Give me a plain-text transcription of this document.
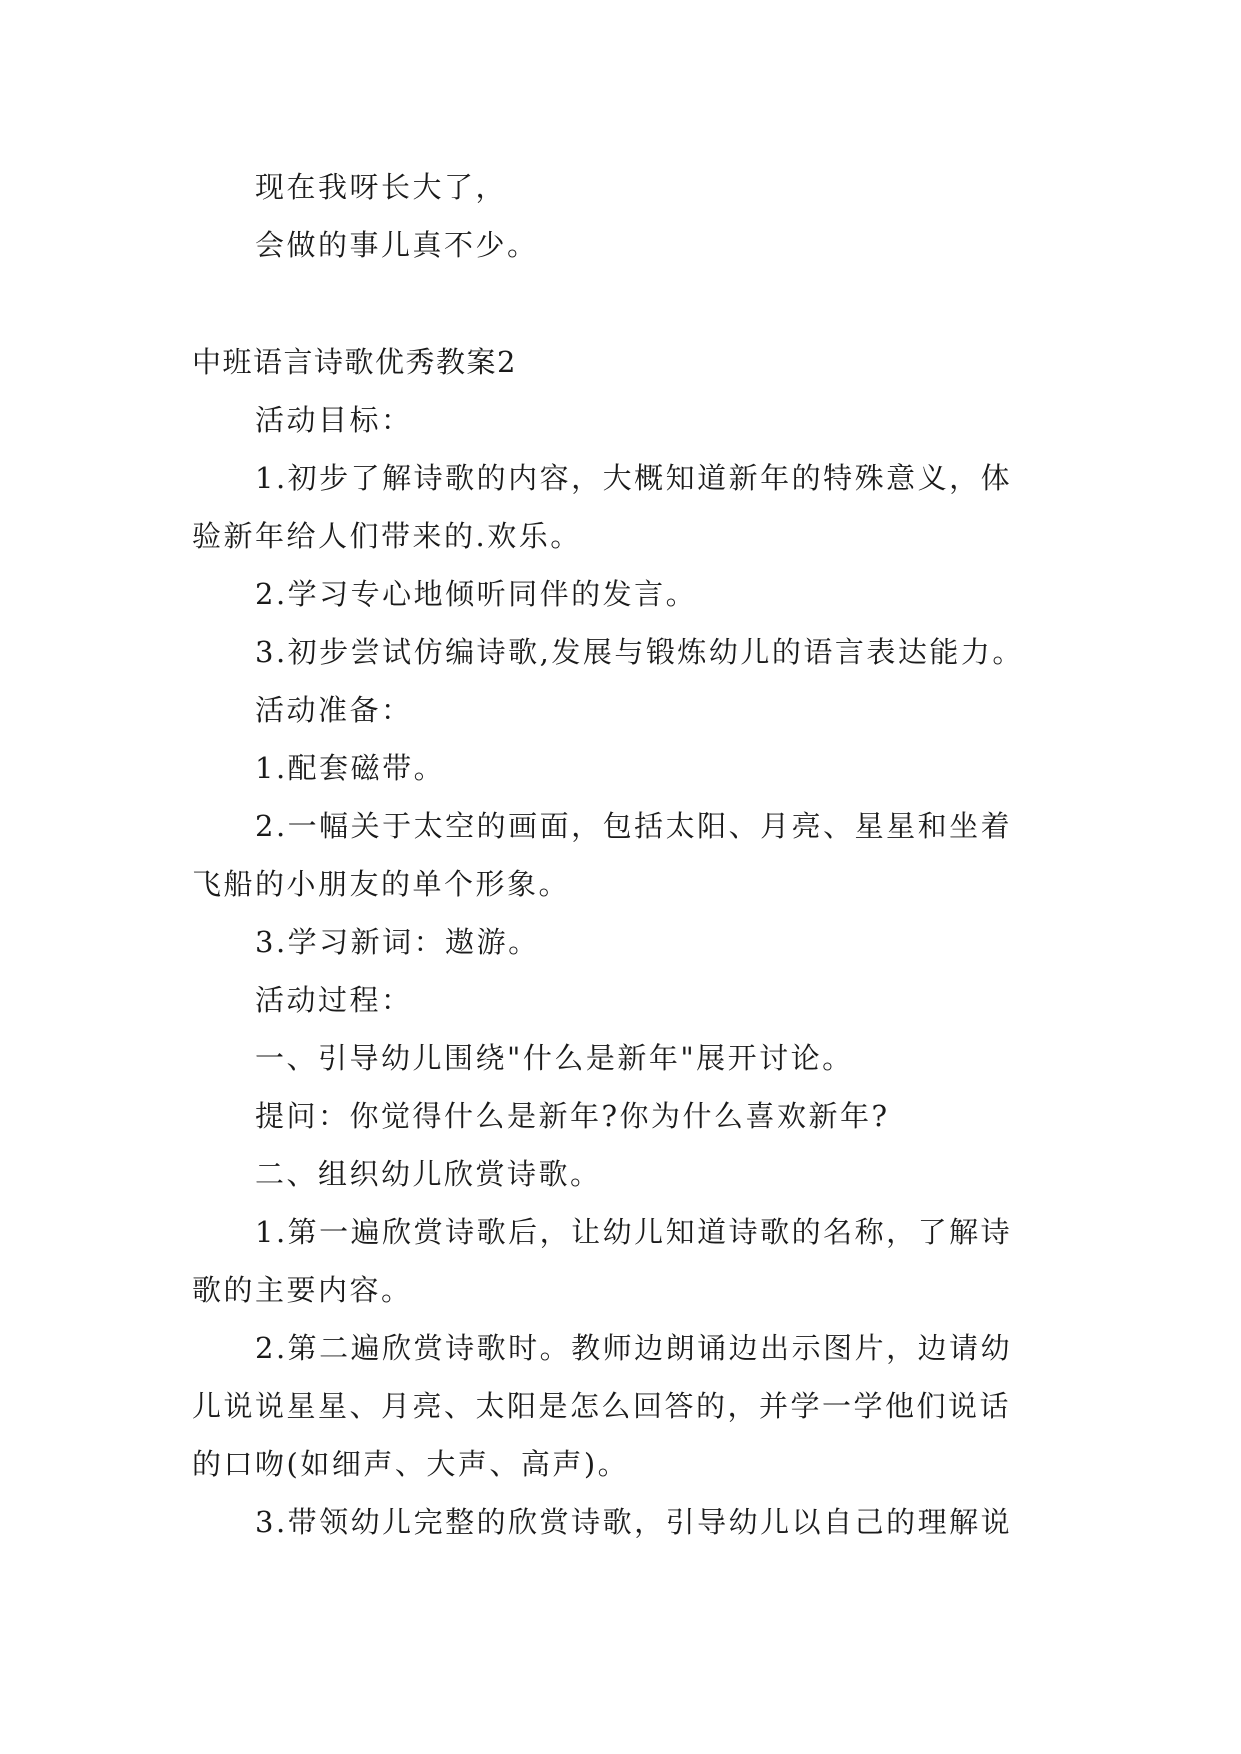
现在我呀长大了，
会做的事儿真不少。
中班语言诗歌优秀教案2
活动目标：
1.初步了解诗歌的内容，大概知道新年的特殊意义，体
验新年给人们带来的.欢乐。
2.学习专心地倾听同伴的发言。
3.初步尝试仿编诗歌,发展与锻炼幼儿的语言表达能力。
活动准备：
1.配套磁带。
2.一幅关于太空的画面，包括太阳、月亮、星星和坐着
飞船的小朋友的单个形象。
3.学习新词：遨游。
活动过程：
一、引导幼儿围绕"什么是新年"展开讨论。
提问：你觉得什么是新年?你为什么喜欢新年?
二、组织幼儿欣赏诗歌。
1.第一遍欣赏诗歌后，让幼儿知道诗歌的名称，了解诗
歌的主要内容。
2.第二遍欣赏诗歌时。教师边朗诵边出示图片，边请幼
儿说说星星、月亮、太阳是怎么回答的，并学一学他们说话
的口吻(如细声、大声、高声)。
3.带领幼儿完整的欣赏诗歌，引导幼儿以自己的理解说
